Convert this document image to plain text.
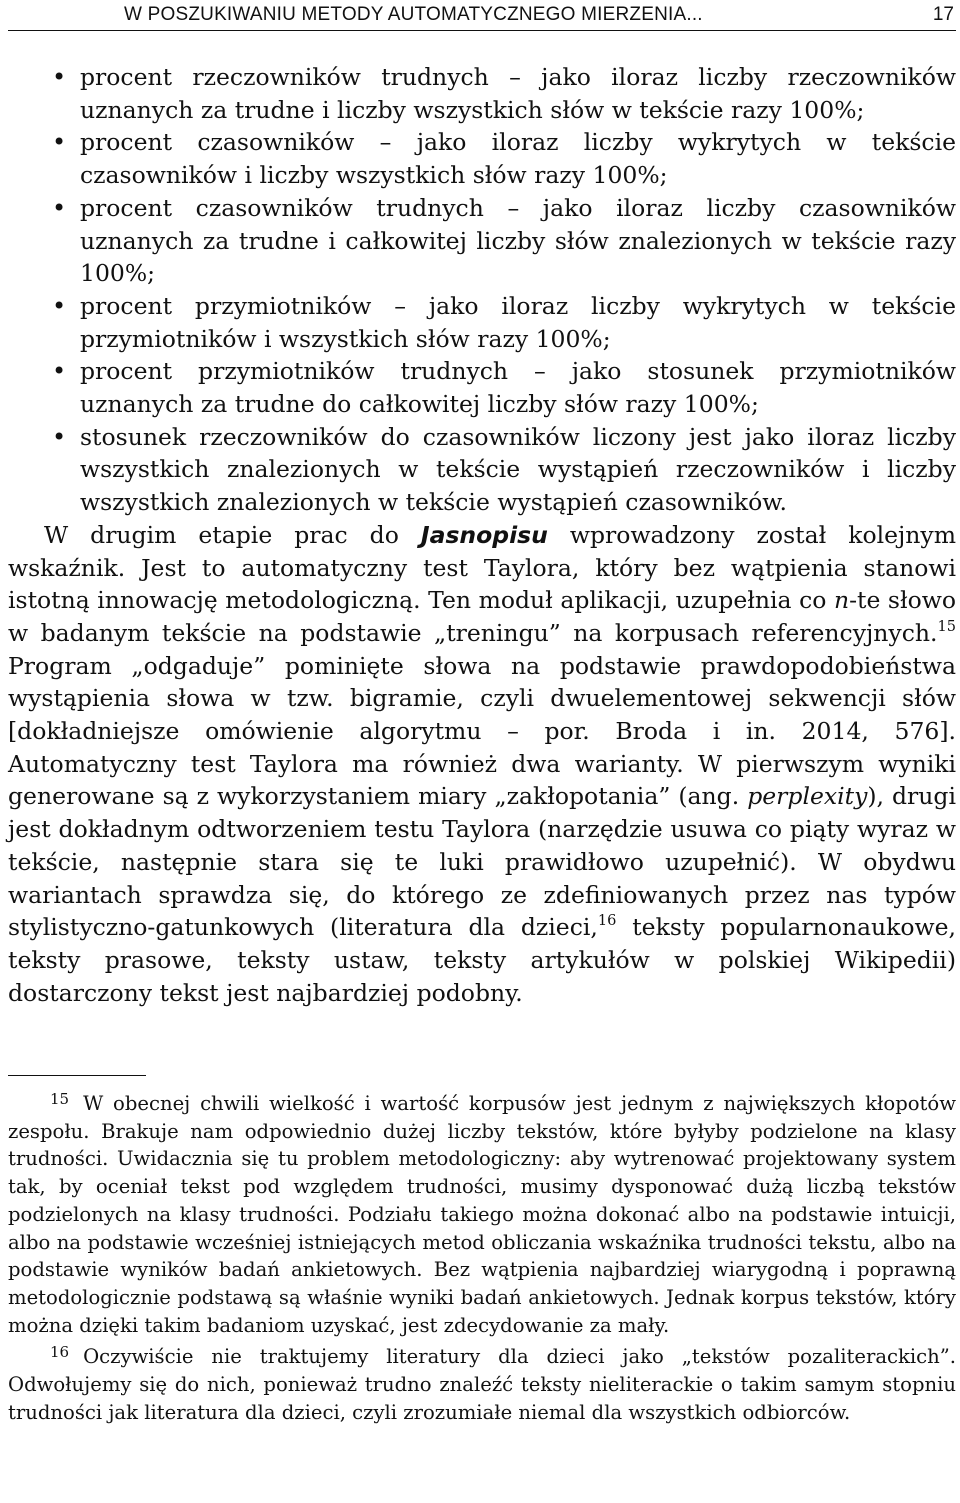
W POSZUKIWANIU METODY AUTOMATYCZNEGO MIERZENIA...	17
• procent rzeczowników trudnych – jako iloraz liczby rzeczowników uznanych za trudne i liczby wszystkich słów w tekście razy 100%;
• procent czasowników – jako iloraz liczby wykrytych w tekście czasowników i liczby wszystkich słów razy 100%;
• procent czasowników trudnych – jako iloraz liczby czasowników uznanych za trudne i całkowitej liczby słów znalezionych w tekście razy 100%;
• procent przymiotników – jako iloraz liczby wykrytych w tekście przymiotników i wszystkich słów razy 100%;
• procent przymiotników trudnych – jako stosunek przymiotników uznanych za trudne do całkowitej liczby słów razy 100%;
• stosunek rzeczowników do czasowników liczony jest jako iloraz liczby wszystkich znalezionych w tekście wystąpień rzeczowników i liczby wszystkich znalezionych w tekście wystąpień czasowników.

W drugim etapie prac do Jasnopisu wprowadzony został kolejnym wskaźnik. Jest to automatyczny test Taylora, który bez wątpienia stanowi istotną innowację metodologiczną. Ten moduł aplikacji, uzupełnia co n-te słowo w badanym tekście na podstawie „treningu” na korpusach referencyjnych.$^{15}$ Program „odgaduje” pominięte słowa na podstawie prawdopodobieństwa wystąpienia słowa w tzw. bigramie, czyli dwuelementowej sekwencji słów [dokładniejsze omówienie algorytmu – por. Broda i in. 2014, 576]. Automatyczny test Taylora ma również dwa warianty. W pierwszym wyniki generowane są z wykorzystaniem miary „zakłopotania” (ang. perplexity), drugi jest dokładnym odtworzeniem testu Taylora (narzędzie usuwa co piąty wyraz w tekście, następnie stara się te luki prawidłowo uzupełnić). W obydwu wariantach sprawdza się, do którego ze zdefiniowanych przez nas typów stylistyczno-gatunkowych (literatura dla dzieci,$^{16}$ teksty popularnonaukowe, teksty prasowe, teksty ustaw, teksty artykułów w polskiej Wikipedii) dostarczony tekst jest najbardziej podobny.

$^{15}$ W obecnej chwili wielkość i wartość korpusów jest jednym z największych kłopotów zespołu. Brakuje nam odpowiednio dużej liczby tekstów, które byłyby podzielone na klasy trudności. Uwidacznia się tu problem metodologiczny: aby wytrenować projektowany system tak, by oceniał tekst pod względem trudności, musimy dysponować dużą liczbą tekstów podzielonych na klasy trudności. Podziału takiego można dokonać albo na podstawie intuicji, albo na podstawie wcześniej istniejących metod obliczania wskaźnika trudności tekstu, albo na podstawie wyników badań ankietowych. Bez wątpienia najbardziej wiarygodną i poprawną metodologicznie podstawą są właśnie wyniki badań ankietowych. Jednak korpus tekstów, który można dzięki takim badaniom uzyskać, jest zdecydowanie za mały.

$^{16}$ Oczywiście nie traktujemy literatury dla dzieci jako „tekstów pozaliterackich”. Odwołujemy się do nich, ponieważ trudno znaleźć teksty nieliterackie o takim samym stopniu trudności jak literatura dla dzieci, czyli zrozumiałe niemal dla wszystkich odbiorców.
